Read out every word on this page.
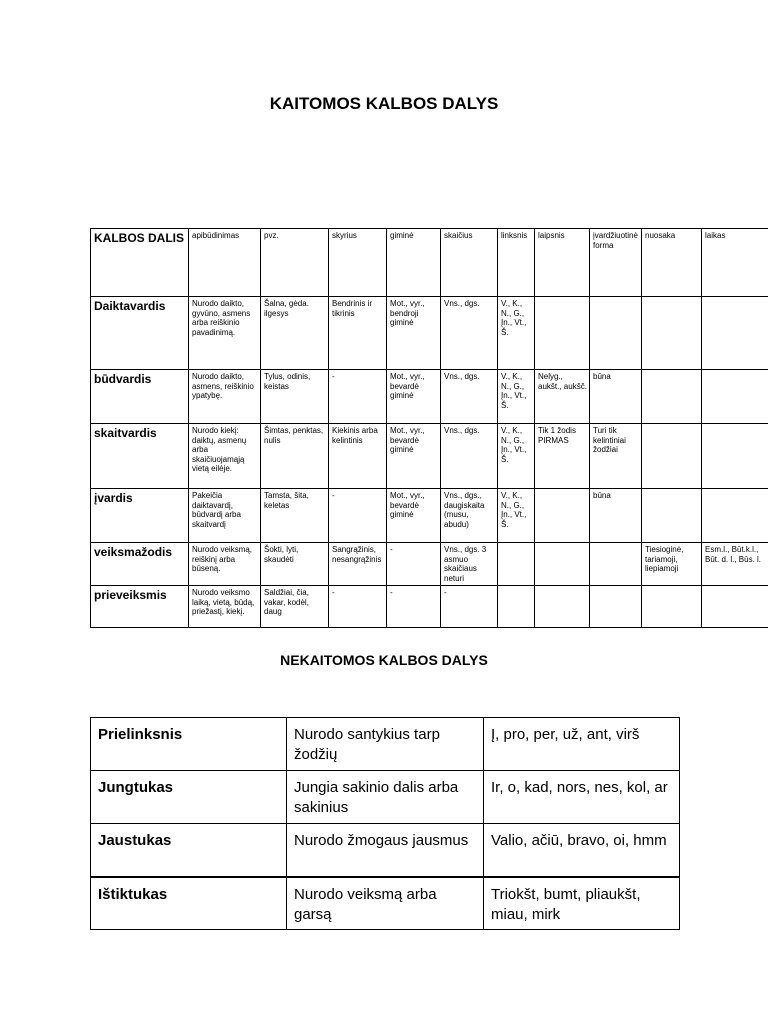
KAITOMOS KALBOS DALYS
KALBOS DALIS	apibūdinimas	pvz.	skyrius	giminė	skaičius	linksnis	laipsnis	įvardžiuotinė forma	nuosaka	laikas
Daiktavardis	Nurodo daikto, gyvūno, asmens arba reiškinio pavadinimą.	Šalna, gėda. ilgesys	Bendrinis ir tikrinis	Mot., vyr., bendroji giminė	Vns., dgs.	V., K., N., G., Įn., Vt., Š.				
būdvardis	Nurodo daikto, asmens, reiškinio ypatybę.	Tylus, odinis, keistas	-	Mot., vyr., bevardė giminė	Vns., dgs.	V., K., N., G., Įn., Vt., Š.	Nelyg., aukšt., aukšč.	būna		
skaitvardis	Nurodo kiekį: daiktų, asmenų arba skaičiuojamąją vietą eilėje.	Šimtas, penktas, nulis	Kiekinis arba kelintinis	Mot., vyr., bevardė giminė	Vns., dgs.	V., K., N., G., Įn., Vt., Š.	Tik 1 žodis PIRMAS	Turi tik kelintiniai žodžiai		
įvardis	Pakeičia daiktavardį, būdvardį arba skaitvardį	Tamsta, šita, keletas	-	Mot., vyr., bevardė giminė	Vns., dgs., daugiskaita (musu, abudu)	V., K., N., G., Įn., Vt., Š.		būna		
veiksmažodis	Nurodo veiksmą, reiškinį arba būseną.	Šokti, lyti, skaudėti	Sangrąžinis, nesangrąžinis	-	Vns., dgs. 3 asmuo skaičiaus neturi				Tiesioginė, tariamoji, liepiamoji	Esm.l., Būt.k.l., Būt. d. l., Būs. l.
prieveiksmis	Nurodo veiksmo laiką, vietą, būdą, priežastį, kiekį.	Saldžiai, čia, vakar, kodėl, daug	-	-	-					
NEKAITOMOS KALBOS DALYS
Prielinksnis	Nurodo santykius tarp žodžių	Į, pro, per, už, ant, virš
Jungtukas	Jungia sakinio dalis arba sakinius	Ir, o, kad, nors, nes, kol, ar
Jaustukas	Nurodo žmogaus jausmus	Valio, ačiū, bravo, oi, hmm
Ištiktukas	Nurodo veiksmą arba garsą	Triokšt, bumt, pliaukšt, miau, mirk
